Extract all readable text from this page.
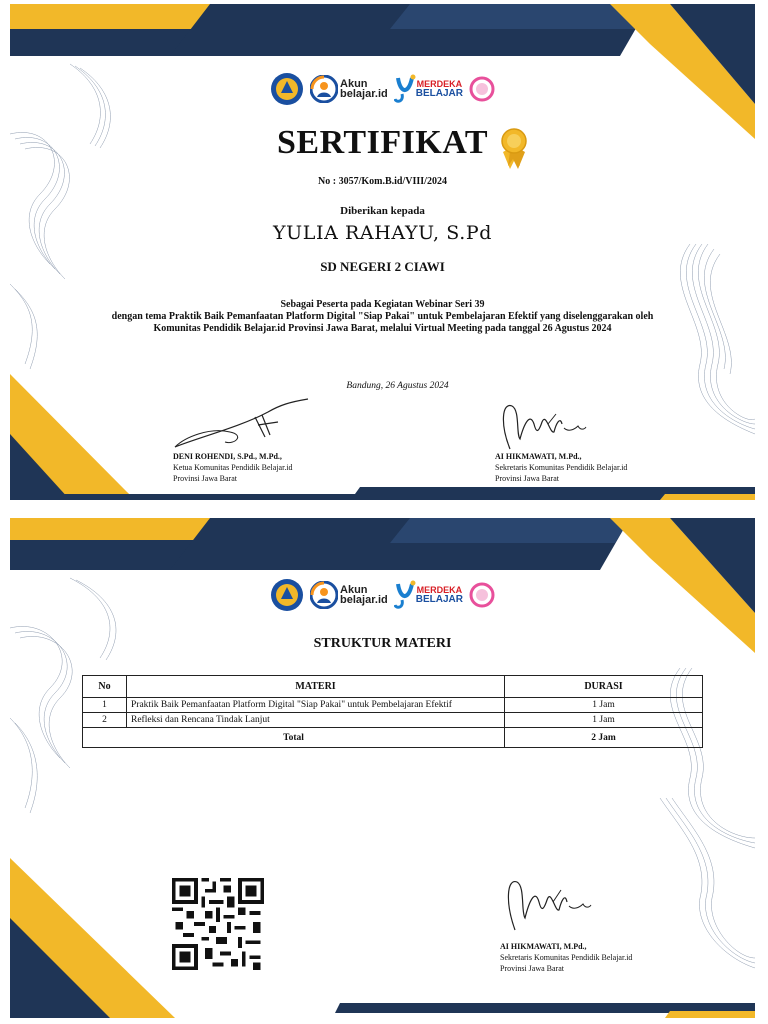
Akun
belajar.id
MERDEKA
BELAJAR
SERTIFIKAT
No : 3057/Kom.B.id/VIII/2024
Diberikan kepada
YULIA RAHAYU, S.Pd
SD NEGERI 2 CIAWI
Sebagai Peserta pada Kegiatan Webinar Seri 39
dengan tema Praktik Baik Pemanfaatan Platform Digital "Siap Pakai" untuk Pembelajaran Efektif yang diselenggarakan oleh
Komunitas Pendidik Belajar.id Provinsi Jawa Barat, melalui Virtual Meeting pada tanggal 26 Agustus 2024
Bandung, 26 Agustus 2024
DENI ROHENDI, S.Pd., M.Pd.,
Ketua Komunitas Pendidik Belajar.id
Provinsi Jawa Barat
AI HIKMAWATI, M.Pd.,
Sekretaris Komunitas Pendidik Belajar.id
Provinsi Jawa Barat
Akun
belajar.id
MERDEKA
BELAJAR
STRUKTUR MATERI
No	MATERI	DURASI
1	Praktik Baik Pemanfaatan Platform Digital "Siap Pakai" untuk Pembelajaran Efektif	1 Jam
2	Refleksi dan Rencana Tindak Lanjut	1 Jam
Total		2 Jam
AI HIKMAWATI, M.Pd.,
Sekretaris Komunitas Pendidik Belajar.id
Provinsi Jawa Barat
